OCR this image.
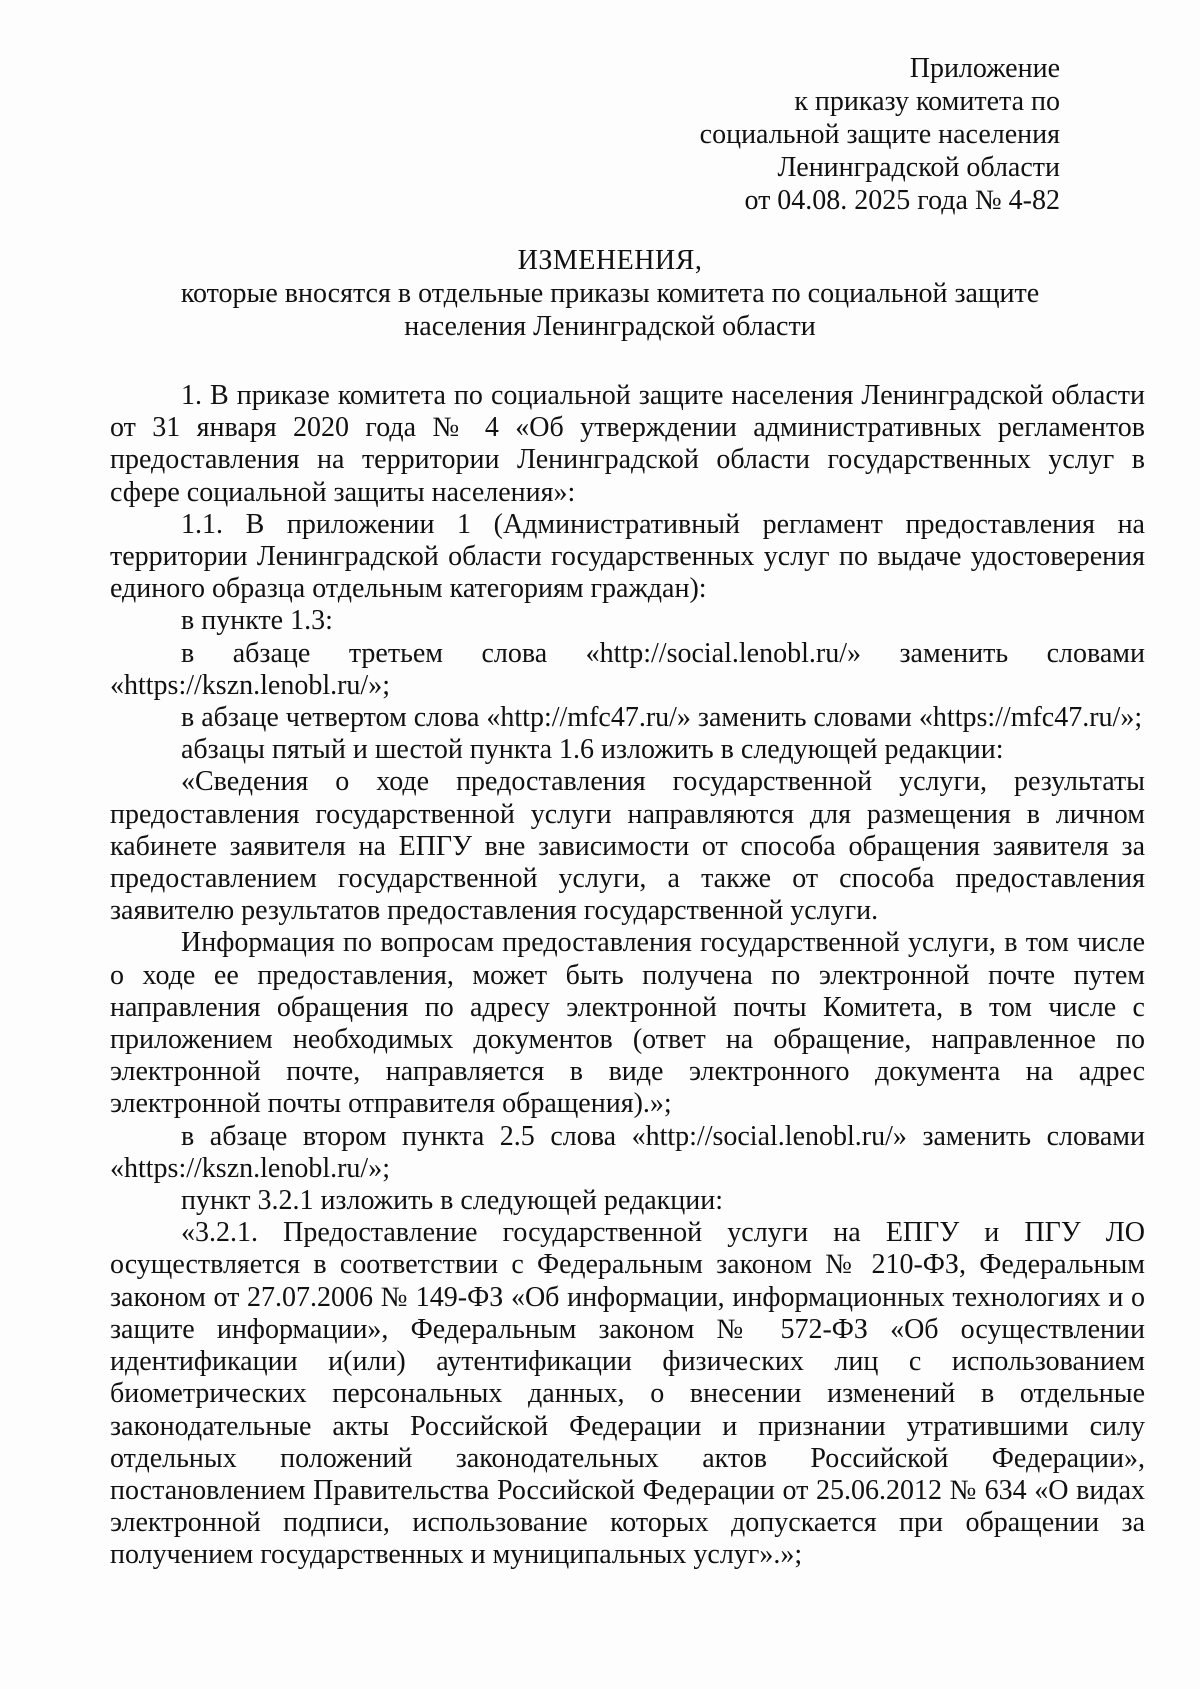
Приложение
к приказу комитета по
социальной защите населения
Ленинградской области
от 04.08. 2025 года № 4-82
ИЗМЕНЕНИЯ,
которые вносятся в отдельные приказы комитета по социальной защите
населения Ленинградской области

1. В приказе комитета по социальной защите населения Ленинградской области от 31 января 2020 года № 4 «Об утверждении административных регламентов предоставления на территории Ленинградской области государственных услуг в сфере социальной защиты населения»:

1.1. В приложении 1 (Административный регламент предоставления на территории Ленинградской области государственных услуг по выдаче удостоверения единого образца отдельным категориям граждан):

в пункте 1.3:

в абзаце третьем слова «http://social.lenobl.ru/» заменить словами «https://kszn.lenobl.ru/»;

в абзаце четвертом слова «http://mfc47.ru/» заменить словами «https://mfc47.ru/»;

абзацы пятый и шестой пункта 1.6 изложить в следующей редакции:

«Сведения о ходе предоставления государственной услуги, результаты предоставления государственной услуги направляются для размещения в личном кабинете заявителя на ЕПГУ вне зависимости от способа обращения заявителя за предоставлением государственной услуги, а также от способа предоставления заявителю результатов предоставления государственной услуги.

Информация по вопросам предоставления государственной услуги, в том числе о ходе ее предоставления, может быть получена по электронной почте путем направления обращения по адресу электронной почты Комитета, в том числе с приложением необходимых документов (ответ на обращение, направленное по электронной почте, направляется в виде электронного документа на адрес электронной почты отправителя обращения).»;

в абзаце втором пункта 2.5 слова «http://social.lenobl.ru/» заменить словами «https://kszn.lenobl.ru/»;

пункт 3.2.1 изложить в следующей редакции:

«3.2.1. Предоставление государственной услуги на ЕПГУ и ПГУ ЛО осуществляется в соответствии с Федеральным законом № 210-ФЗ, Федеральным законом от 27.07.2006 № 149-ФЗ «Об информации, информационных технологиях и о защите информации», Федеральным законом № 572-ФЗ «Об осуществлении идентификации и(или) аутентификации физических лиц с использованием биометрических персональных данных, о внесении изменений в отдельные законодательные акты Российской Федерации и признании утратившими силу отдельных положений законодательных актов Российской Федерации», постановлением Правительства Российской Федерации от 25.06.2012 № 634 «О видах электронной подписи, использование которых допускается при обращении за получением государственных и муниципальных услуг».»;
